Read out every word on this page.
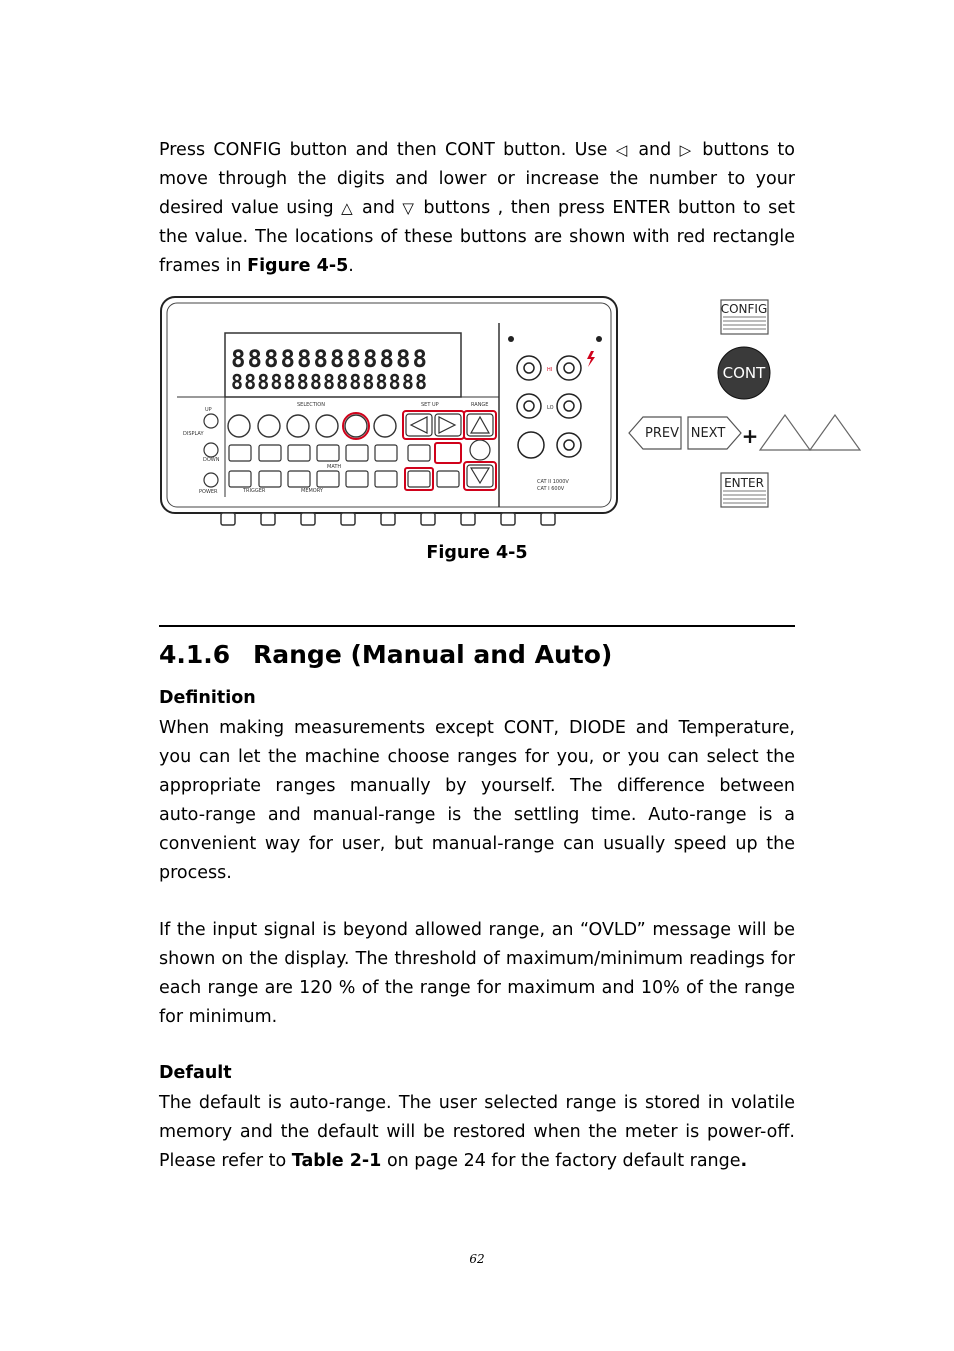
Press CONFIG button and then CONT button. Use ◁ and ▷ buttons to
move through the digits and lower or increase the number to your
desired value using △ and ▽ buttons , then press ENTER button to set
the value. The locations of these buttons are shown with red rectangle
frames in Figure 4-5.
888888888888
888888888888888
UP
DISPLAY
DOWN
POWER
SELECTION	SET UP	RANGE
MATH
TRIGGER	MEMORY
HI
LO
CAT II 1000V
CAT I 600V
CONFIG
CONT
PREV NEXT +
ENTER
Figure 4-5
4.1.6 Range (Manual and Auto)
Definition
When making measurements except CONT, DIODE and Temperature,
you can let the machine choose ranges for you, or you can select the
appropriate ranges manually by yourself. The difference between
auto-range and manual-range is the settling time. Auto-range is a
convenient way for user, but manual-range can usually speed up the
process.
If the input signal is beyond allowed range, an “OVLD” message will be
shown on the display. The threshold of maximum/minimum readings for
each range are 120 % of the range for maximum and 10% of the range
for minimum.
Default
The default is auto-range. The user selected range is stored in volatile
memory and the default will be restored when the meter is power-off.
Please refer to Table 2-1 on page 24 for the factory default range.
62
